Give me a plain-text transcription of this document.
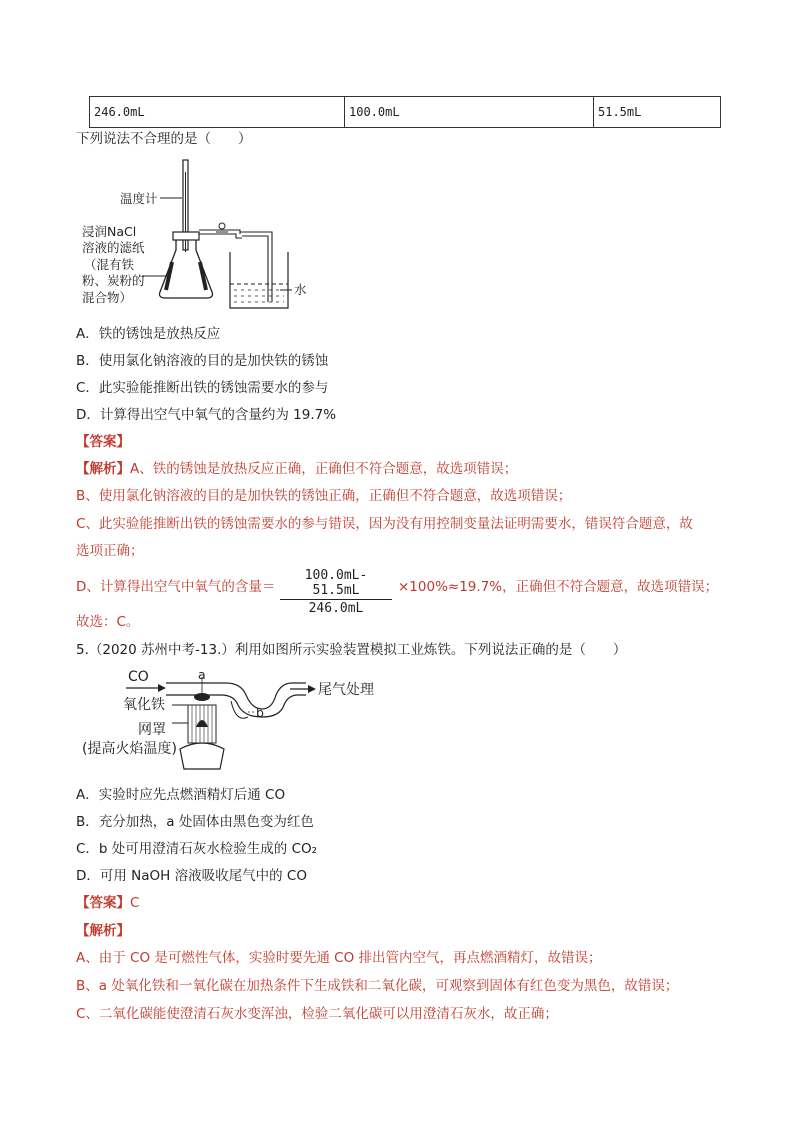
246.0mL	100.0mL	51.5mL
下列说法不合理的是（　　）
温度计
浸润NaCl
溶液的滤纸
（混有铁
粉、炭粉的
混合物）
水
A．铁的锈蚀是放热反应
B．使用氯化钠溶液的目的是加快铁的锈蚀
C．此实验能推断出铁的锈蚀需要水的参与
D．计算得出空气中氧气的含量约为 19.7%
【答案】
【解析】A、铁的锈蚀是放热反应正确，正确但不符合题意，故选项错误；
B、使用氯化钠溶液的目的是加快铁的锈蚀正确，正确但不符合题意，故选项错误；
C、此实验能推断出铁的锈蚀需要水的参与错误，因为没有用控制变量法证明需要水，错误符合题意，故
选项正确；
D、计算得出空气中氧气的含量＝
100.0mL-51.5mL
246.0mL
×100%≈19.7%，正确但不符合题意，故选项错误；
故选：C。
5.（2020 苏州中考-13.）利用如图所示实验装置模拟工业炼铁。下列说法正确的是（　　）
CO	a
b
尾气处理
氧化铁
网罩
(提高火焰温度)
A．实验时应先点燃酒精灯后通 CO
B．充分加热，a 处固体由黑色变为红色
C．b 处可用澄清石灰水检验生成的 CO₂
D．可用 NaOH 溶液吸收尾气中的 CO
【答案】C
【解析】
A、由于 CO 是可燃性气体，实验时要先通 CO 排出管内空气，再点燃酒精灯，故错误；
B、a 处氧化铁和一氧化碳在加热条件下生成铁和二氧化碳，可观察到固体有红色变为黑色，故错误；
C、二氧化碳能使澄清石灰水变浑浊，检验二氧化碳可以用澄清石灰水，故正确；
